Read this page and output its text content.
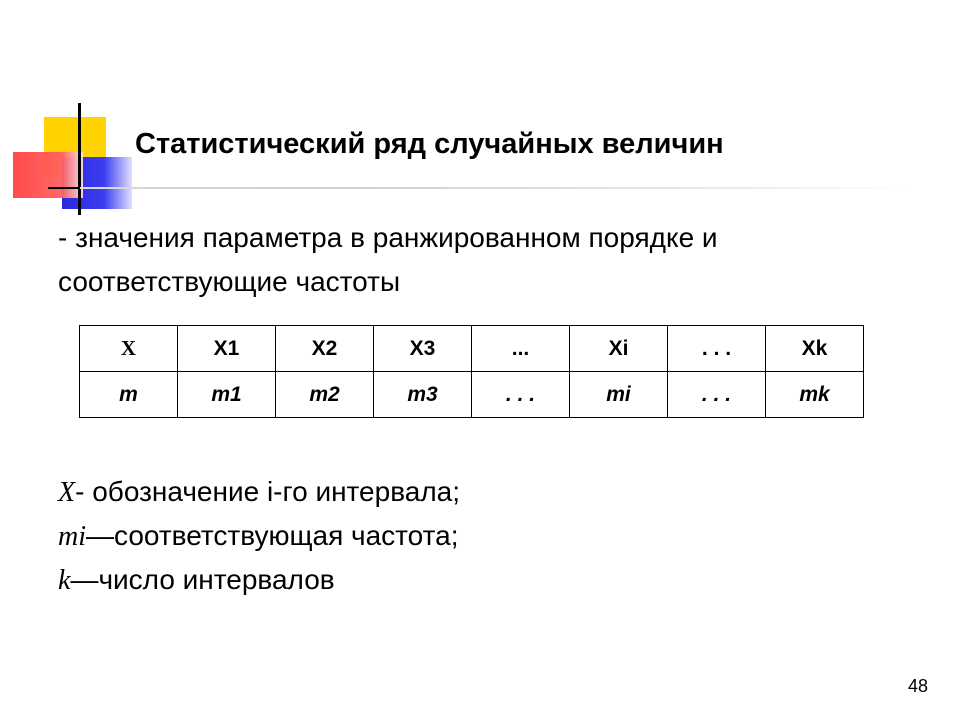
Статистический ряд случайных величин
- значения параметра в ранжированном порядке и
соответствующие частоты
X	X1	X2	X3	...	Xi	. . .	Xk
m	m1	m2	m3	. . .	mi	. . .	mk
X- обозначение i-го интервала;
mi—соответствующая частота;
k—число интервалов
48
